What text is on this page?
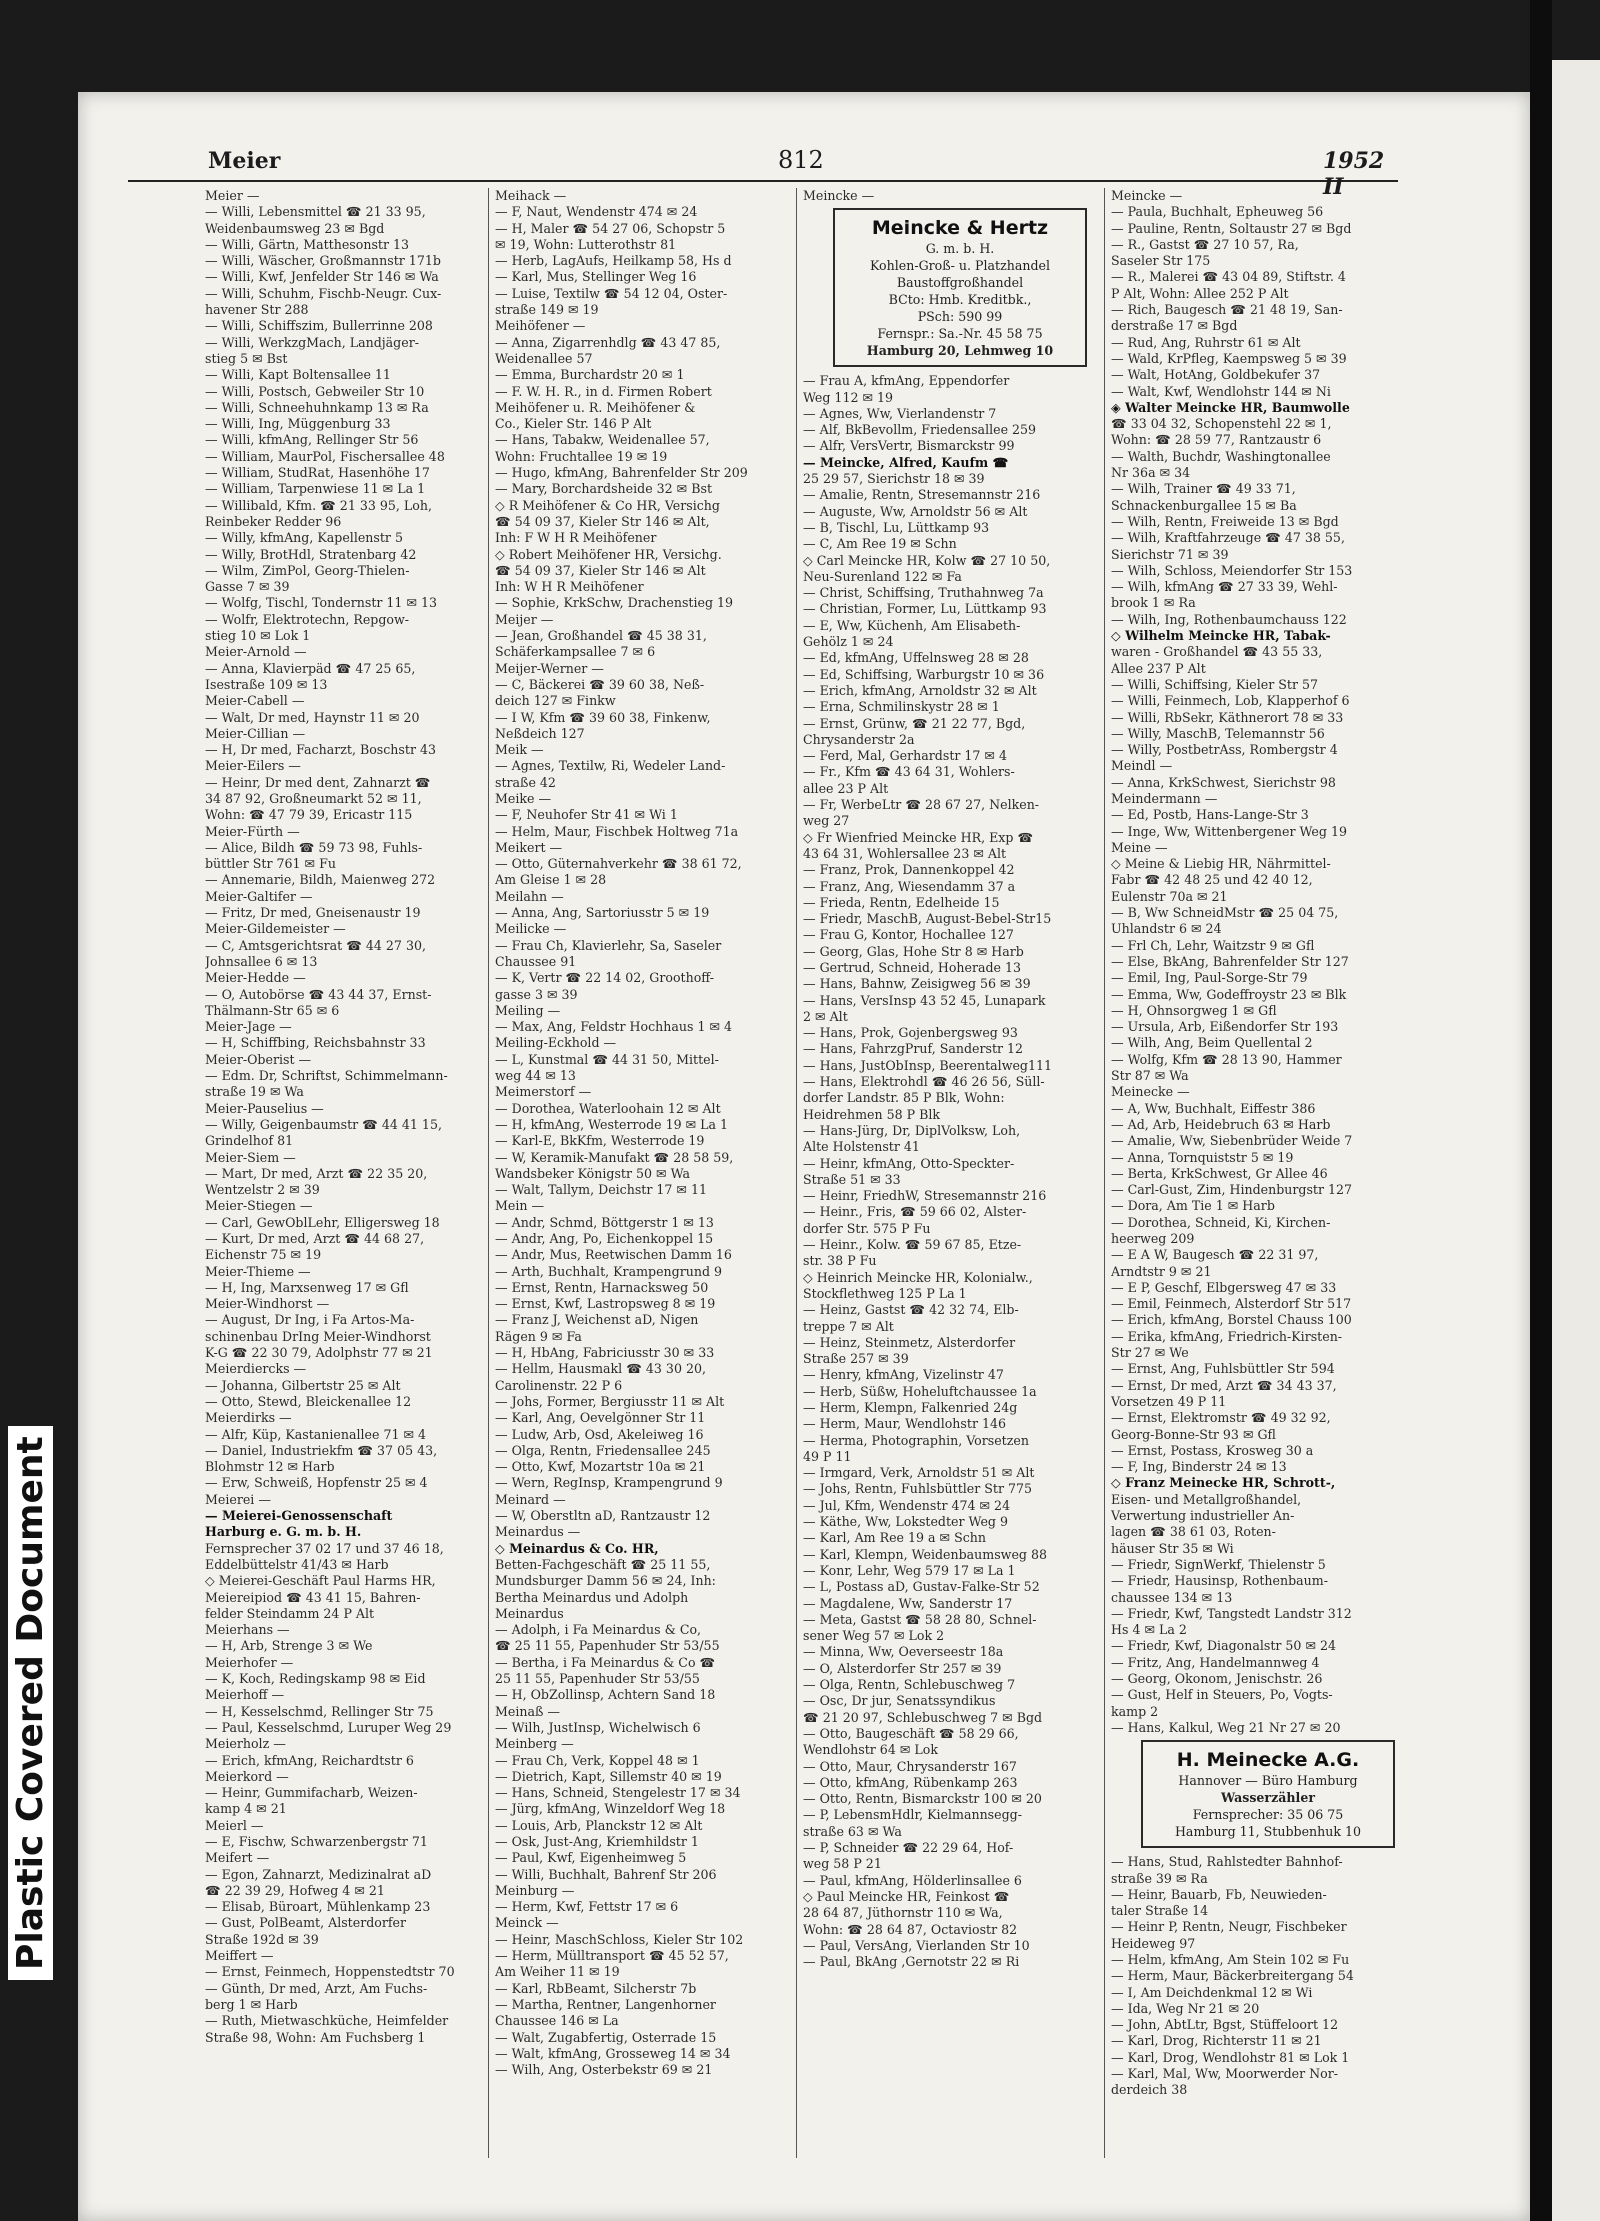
Plastic Covered Document
Meier	812	1952 II
Meier —
— Willi, Lebensmittel ☎ 21 33 95,
Weidenbaumsweg 23 ✉ Bgd
— Willi, Gärtn, Matthesonstr 13
— Willi, Wäscher, Großmannstr 171b
— Willi, Kwf, Jenfelder Str 146 ✉ Wa
— Willi, Schuhm, Fischb-Neugr. Cux-
havener Str 288
— Willi, Schiffszim, Bullerrinne 208
— Willi, WerkzgMach, Landjäger-
stieg 5 ✉ Bst
— Willi, Kapt Boltensallee 11
— Willi, Postsch, Gebweiler Str 10
— Willi, Schneehuhnkamp 13 ✉ Ra
— Willi, Ing, Müggenburg 33
— Willi, kfmAng, Rellinger Str 56
— William, MaurPol, Fischersallee 48
— William, StudRat, Hasenhöhe 17
— William, Tarpenwiese 11 ✉ La 1
— Willibald, Kfm. ☎ 21 33 95, Loh,
Reinbeker Redder 96
— Willy, kfmAng, Kapellenstr 5
— Willy, BrotHdl, Stratenbarg 42
— Wilm, ZimPol, Georg-Thielen-
Gasse 7 ✉ 39
— Wolfg, Tischl, Tondernstr 11 ✉ 13
— Wolfr, Elektrotechn, Repgow-
stieg 10 ✉ Lok 1
Meier-Arnold —
— Anna, Klavierpäd ☎ 47 25 65,
Isestraße 109 ✉ 13
Meier-Cabell —
— Walt, Dr med, Haynstr 11 ✉ 20
Meier-Cillian —
— H, Dr med, Facharzt, Boschstr 43
Meier-Eilers —
— Heinr, Dr med dent, Zahnarzt ☎
34 87 92, Großneumarkt 52 ✉ 11,
Wohn: ☎ 47 79 39, Ericastr 115
Meier-Fürth —
— Alice, Bildh ☎ 59 73 98, Fuhls-
büttler Str 761 ✉ Fu
— Annemarie, Bildh, Maienweg 272
Meier-Galtifer —
— Fritz, Dr med, Gneisenaustr 19
Meier-Gildemeister —
— C, Amtsgerichtsrat ☎ 44 27 30,
Johnsallee 6 ✉ 13
Meier-Hedde —
— O, Autobörse ☎ 43 44 37, Ernst-
Thälmann-Str 65 ✉ 6
Meier-Jage —
— H, Schiffbing, Reichsbahnstr 33
Meier-Oberist —
— Edm. Dr, Schriftst, Schimmelmann-
straße 19 ✉ Wa
Meier-Pauselius —
— Willy, Geigenbaumstr ☎ 44 41 15,
Grindelhof 81
Meier-Siem —
— Mart, Dr med, Arzt ☎ 22 35 20,
Wentzelstr 2 ✉ 39
Meier-Stiegen —
— Carl, GewOblLehr, Elligersweg 18
— Kurt, Dr med, Arzt ☎ 44 68 27,
Eichenstr 75 ✉ 19
Meier-Thieme —
— H, Ing, Marxsenweg 17 ✉ Gfl
Meier-Windhorst —
— August, Dr Ing, i Fa Artos-Ma-
schinenbau DrIng Meier-Windhorst
K-G ☎ 22 30 79, Adolphstr 77 ✉ 21
Meierdiercks —
— Johanna, Gilbertstr 25 ✉ Alt
— Otto, Stewd, Bleickenallee 12
Meierdirks —
— Alfr, Küp, Kastanienallee 71 ✉ 4
— Daniel, Industriekfm ☎ 37 05 43,
Blohmstr 12 ✉ Harb
— Erw, Schweiß, Hopfenstr 25 ✉ 4
Meierei —
— Meierei-Genossenschaft
Harburg e. G. m. b. H.
Fernsprecher 37 02 17 und 37 46 18,
Eddelbüttelstr 41/43 ✉ Harb
◇ Meierei-Geschäft Paul Harms HR,
Meiereipiod ☎ 43 41 15, Bahren-
felder Steindamm 24 P Alt
Meierhans —
— H, Arb, Strenge 3 ✉ We
Meierhofer —
— K, Koch, Redingskamp 98 ✉ Eid
Meierhoff —
— H, Kesselschmd, Rellinger Str 75
— Paul, Kesselschmd, Luruper Weg 29
Meierholz —
— Erich, kfmAng, Reichardtstr 6
Meierkord —
— Heinr, Gummifacharb, Weizen-
kamp 4 ✉ 21
Meierl —
— E, Fischw, Schwarzenbergstr 71
Meifert —
— Egon, Zahnarzt, Medizinalrat aD
☎ 22 39 29, Hofweg 4 ✉ 21
— Elisab, Büroart, Mühlenkamp 23
— Gust, PolBeamt, Alsterdorfer
Straße 192d ✉ 39
Meiffert —
— Ernst, Feinmech, Hoppenstedtstr 70
— Günth, Dr med, Arzt, Am Fuchs-
berg 1 ✉ Harb
— Ruth, Mietwaschküche, Heimfelder
Straße 98, Wohn: Am Fuchsberg 1
Meihack —
— F, Naut, Wendenstr 474 ✉ 24
— H, Maler ☎ 54 27 06, Schopstr 5
✉ 19, Wohn: Lutterothstr 81
— Herb, LagAufs, Heilkamp 58, Hs d
— Karl, Mus, Stellinger Weg 16
— Luise, Textilw ☎ 54 12 04, Oster-
straße 149 ✉ 19
Meihöfener —
— Anna, Zigarrenhdlg ☎ 43 47 85,
Weidenallee 57
— Emma, Burchardstr 20 ✉ 1
— F. W. H. R., in d. Firmen Robert
Meihöfener u. R. Meihöfener &
Co., Kieler Str. 146 P Alt
— Hans, Tabakw, Weidenallee 57,
Wohn: Fruchtallee 19 ✉ 19
— Hugo, kfmAng, Bahrenfelder Str 209
— Mary, Borchardsheide 32 ✉ Bst
◇ R Meihöfener & Co HR, Versichg
☎ 54 09 37, Kieler Str 146 ✉ Alt,
Inh: F W H R Meihöfener
◇ Robert Meihöfener HR, Versichg.
☎ 54 09 37, Kieler Str 146 ✉ Alt
Inh: W H R Meihöfener
— Sophie, KrkSchw, Drachenstieg 19
Meijer —
— Jean, Großhandel ☎ 45 38 31,
Schäferkampsallee 7 ✉ 6
Meijer-Werner —
— C, Bäckerei ☎ 39 60 38, Neß-
deich 127 ✉ Finkw
— I W, Kfm ☎ 39 60 38, Finkenw,
Neßdeich 127
Meik —
— Agnes, Textilw, Ri, Wedeler Land-
straße 42
Meike —
— F, Neuhofer Str 41 ✉ Wi 1
— Helm, Maur, Fischbek Holtweg 71a
Meikert —
— Otto, Güternahverkehr ☎ 38 61 72,
Am Gleise 1 ✉ 28
Meilahn —
— Anna, Ang, Sartoriusstr 5 ✉ 19
Meilicke —
— Frau Ch, Klavierlehr, Sa, Saseler
Chaussee 91
— K, Vertr ☎ 22 14 02, Groothoff-
gasse 3 ✉ 39
Meiling —
— Max, Ang, Feldstr Hochhaus 1 ✉ 4
Meiling-Eckhold —
— L, Kunstmal ☎ 44 31 50, Mittel-
weg 44 ✉ 13
Meimerstorf —
— Dorothea, Waterloohain 12 ✉ Alt
— H, kfmAng, Westerrode 19 ✉ La 1
— Karl-E, BkKfm, Westerrode 19
— W, Keramik-Manufakt ☎ 28 58 59,
Wandsbeker Königstr 50 ✉ Wa
— Walt, Tallym, Deichstr 17 ✉ 11
Mein —
— Andr, Schmd, Böttgerstr 1 ✉ 13
— Andr, Ang, Po, Eichenkoppel 15
— Andr, Mus, Reetwischen Damm 16
— Arth, Buchhalt, Krampengrund 9
— Ernst, Rentn, Harnacksweg 50
— Ernst, Kwf, Lastropsweg 8 ✉ 19
— Franz J, Weichenst aD, Nigen
Rägen 9 ✉ Fa
— H, HbAng, Fabriciusstr 30 ✉ 33
— Hellm, Hausmakl ☎ 43 30 20,
Carolinenstr. 22 P 6
— Johs, Former, Bergiusstr 11 ✉ Alt
— Karl, Ang, Oevelgönner Str 11
— Ludw, Arb, Osd, Akeleiweg 16
— Olga, Rentn, Friedensallee 245
— Otto, Kwf, Mozartstr 10a ✉ 21
— Wern, RegInsp, Krampengrund 9
Meinard —
— W, Oberstltn aD, Rantzaustr 12
Meinardus —
◇ Meinardus & Co. HR,
Betten-Fachgeschäft ☎ 25 11 55,
Mundsburger Damm 56 ✉ 24, Inh:
Bertha Meinardus und Adolph
Meinardus
— Adolph, i Fa Meinardus & Co,
☎ 25 11 55, Papenhuder Str 53/55
— Bertha, i Fa Meinardus & Co ☎
25 11 55, Papenhuder Str 53/55
— H, ObZollinsp, Achtern Sand 18
Meinaß —
— Wilh, JustInsp, Wichelwisch 6
Meinberg —
— Frau Ch, Verk, Koppel 48 ✉ 1
— Dietrich, Kapt, Sillemstr 40 ✉ 19
— Hans, Schneid, Stengelestr 17 ✉ 34
— Jürg, kfmAng, Winzeldorf Weg 18
— Louis, Arb, Planckstr 12 ✉ Alt
— Osk, Just-Ang, Kriemhildstr 1
— Paul, Kwf, Eigenheimweg 5
— Willi, Buchhalt, Bahrenf Str 206
Meinburg —
— Herm, Kwf, Fettstr 17 ✉ 6
Meinck —
— Heinr, MaschSchloss, Kieler Str 102
— Herm, Mülltransport ☎ 45 52 57,
Am Weiher 11 ✉ 19
— Karl, RbBeamt, Silcherstr 7b
— Martha, Rentner, Langenhorner
Chaussee 146 ✉ La
— Walt, Zugabfertig, Osterrade 15
— Walt, kfmAng, Grosseweg 14 ✉ 34
— Wilh, Ang, Osterbekstr 69 ✉ 21
Meincke —
Meincke & Hertz
G. m. b. H.
Kohlen-Groß- u. Platzhandel
Baustoffgroßhandel
BCto: Hmb. Kreditbk.,
PSch: 590 99
Fernspr.: Sa.-Nr. 45 58 75
Hamburg 20, Lehmweg 10
— Frau A, kfmAng, Eppendorfer
Weg 112 ✉ 19
— Agnes, Ww, Vierlandenstr 7
— Alf, BkBevollm, Friedensallee 259
— Alfr, VersVertr, Bismarckstr 99
— Meincke, Alfred, Kaufm ☎
25 29 57, Sierichstr 18 ✉ 39
— Amalie, Rentn, Stresemannstr 216
— Auguste, Ww, Arnoldstr 56 ✉ Alt
— B, Tischl, Lu, Lüttkamp 93
— C, Am Ree 19 ✉ Schn
◇ Carl Meincke HR, Kolw ☎ 27 10 50,
Neu-Surenland 122 ✉ Fa
— Christ, Schiffsing, Truthahnweg 7a
— Christian, Former, Lu, Lüttkamp 93
— E, Ww, Küchenh, Am Elisabeth-
Gehölz 1 ✉ 24
— Ed, kfmAng, Uffelnsweg 28 ✉ 28
— Ed, Schiffsing, Warburgstr 10 ✉ 36
— Erich, kfmAng, Arnoldstr 32 ✉ Alt
— Erna, Schmilinskystr 28 ✉ 1
— Ernst, Grünw, ☎ 21 22 77, Bgd,
Chrysanderstr 2a
— Ferd, Mal, Gerhardstr 17 ✉ 4
— Fr., Kfm ☎ 43 64 31, Wohlers-
allee 23 P Alt
— Fr, WerbeLtr ☎ 28 67 27, Nelken-
weg 27
◇ Fr Wienfried Meincke HR, Exp ☎
43 64 31, Wohlersallee 23 ✉ Alt
— Franz, Prok, Dannenkoppel 42
— Franz, Ang, Wiesendamm 37 a
— Frieda, Rentn, Edelheide 15
— Friedr, MaschB, August-Bebel-Str15
— Frau G, Kontor, Hochallee 127
— Georg, Glas, Hohe Str 8 ✉ Harb
— Gertrud, Schneid, Hoherade 13
— Hans, Bahnw, Zeisigweg 56 ✉ 39
— Hans, VersInsp 43 52 45, Lunapark
2 ✉ Alt
— Hans, Prok, Gojenbergsweg 93
— Hans, FahrzgPruf, Sanderstr 12
— Hans, JustObInsp, Beerentalweg111
— Hans, Elektrohdl ☎ 46 26 56, Süll-
dorfer Landstr. 85 P Blk, Wohn:
Heidrehmen 58 P Blk
— Hans-Jürg, Dr, DiplVolksw, Loh,
Alte Holstenstr 41
— Heinr, kfmAng, Otto-Speckter-
Straße 51 ✉ 33
— Heinr, FriedhW, Stresemannstr 216
— Heinr., Fris, ☎ 59 66 02, Alster-
dorfer Str. 575 P Fu
— Heinr., Kolw. ☎ 59 67 85, Etze-
str. 38 P Fu
◇ Heinrich Meincke HR, Kolonialw.,
Stockflethweg 125 P La 1
— Heinz, Gastst ☎ 42 32 74, Elb-
treppe 7 ✉ Alt
— Heinz, Steinmetz, Alsterdorfer
Straße 257 ✉ 39
— Henry, kfmAng, Vizelinstr 47
— Herb, Süßw, Hoheluftchaussee 1a
— Herm, Klempn, Falkenried 24g
— Herm, Maur, Wendlohstr 146
— Herma, Photographin, Vorsetzen
49 P 11
— Irmgard, Verk, Arnoldstr 51 ✉ Alt
— Johs, Rentn, Fuhlsbüttler Str 775
— Jul, Kfm, Wendenstr 474 ✉ 24
— Käthe, Ww, Lokstedter Weg 9
— Karl, Am Ree 19 a ✉ Schn
— Karl, Klempn, Weidenbaumsweg 88
— Konr, Lehr, Weg 579 17 ✉ La 1
— L, Postass aD, Gustav-Falke-Str 52
— Magdalene, Ww, Sanderstr 17
— Meta, Gastst ☎ 58 28 80, Schnel-
sener Weg 57 ✉ Lok 2
— Minna, Ww, Oeverseestr 18a
— O, Alsterdorfer Str 257 ✉ 39
— Olga, Rentn, Schlebuschweg 7
— Osc, Dr jur, Senatssyndikus
☎ 21 20 97, Schlebuschweg 7 ✉ Bgd
— Otto, Baugeschäft ☎ 58 29 66,
Wendlohstr 64 ✉ Lok
— Otto, Maur, Chrysanderstr 167
— Otto, kfmAng, Rübenkamp 263
— Otto, Rentn, Bismarckstr 100 ✉ 20
— P, LebensmHdlr, Kielmannsegg-
straße 63 ✉ Wa
— P, Schneider ☎ 22 29 64, Hof-
weg 58 P 21
— Paul, kfmAng, Hölderlinsallee 6
◇ Paul Meincke HR, Feinkost ☎
28 64 87, Jüthornstr 110 ✉ Wa,
Wohn: ☎ 28 64 87, Octaviostr 82
— Paul, VersAng, Vierlanden Str 10
— Paul, BkAng ,Gernotstr 22 ✉ Ri
Meincke —
— Paula, Buchhalt, Epheuweg 56
— Pauline, Rentn, Soltaustr 27 ✉ Bgd
— R., Gastst ☎ 27 10 57, Ra,
Saseler Str 175
— R., Malerei ☎ 43 04 89, Stiftstr. 4
P Alt, Wohn: Allee 252 P Alt
— Rich, Baugesch ☎ 21 48 19, San-
derstraße 17 ✉ Bgd
— Rud, Ang, Ruhrstr 61 ✉ Alt
— Wald, KrPfleg, Kaempsweg 5 ✉ 39
— Walt, HotAng, Goldbekufer 37
— Walt, Kwf, Wendlohstr 144 ✉ Ni
◈ Walter Meincke HR, Baumwolle
☎ 33 04 32, Schopenstehl 22 ✉ 1,
Wohn: ☎ 28 59 77, Rantzaustr 6
— Walth, Buchdr, Washingtonallee
Nr 36a ✉ 34
— Wilh, Trainer ☎ 49 33 71,
Schnackenburgallee 15 ✉ Ba
— Wilh, Rentn, Freiweide 13 ✉ Bgd
— Wilh, Kraftfahrzeuge ☎ 47 38 55,
Sierichstr 71 ✉ 39
— Wilh, Schloss, Meiendorfer Str 153
— Wilh, kfmAng ☎ 27 33 39, Wehl-
brook 1 ✉ Ra
— Wilh, Ing, Rothenbaumchauss 122
◇ Wilhelm Meincke HR, Tabak-
waren - Großhandel ☎ 43 55 33,
Allee 237 P Alt
— Willi, Schiffsing, Kieler Str 57
— Willi, Feinmech, Lob, Klapperhof 6
— Willi, RbSekr, Käthnerort 78 ✉ 33
— Willy, MaschB, Telemannstr 56
— Willy, PostbetrAss, Rombergstr 4
Meindl —
— Anna, KrkSchwest, Sierichstr 98
Meindermann —
— Ed, Postb, Hans-Lange-Str 3
— Inge, Ww, Wittenbergener Weg 19
Meine —
◇ Meine & Liebig HR, Nährmittel-
Fabr ☎ 42 48 25 und 42 40 12,
Eulenstr 70a ✉ 21
— B, Ww SchneidMstr ☎ 25 04 75,
Uhlandstr 6 ✉ 24
— Frl Ch, Lehr, Waitzstr 9 ✉ Gfl
— Else, BkAng, Bahrenfelder Str 127
— Emil, Ing, Paul-Sorge-Str 79
— Emma, Ww, Godeffroystr 23 ✉ Blk
— H, Ohnsorgweg 1 ✉ Gfl
— Ursula, Arb, Eißendorfer Str 193
— Wilh, Ang, Beim Quellental 2
— Wolfg, Kfm ☎ 28 13 90, Hammer
Str 87 ✉ Wa
Meinecke —
— A, Ww, Buchhalt, Eiffestr 386
— Ad, Arb, Heidebruch 63 ✉ Harb
— Amalie, Ww, Siebenbrüder Weide 7
— Anna, Tornquiststr 5 ✉ 19
— Berta, KrkSchwest, Gr Allee 46
— Carl-Gust, Zim, Hindenburgstr 127
— Dora, Am Tie 1 ✉ Harb
— Dorothea, Schneid, Ki, Kirchen-
heerweg 209
— E A W, Baugesch ☎ 22 31 97,
Arndtstr 9 ✉ 21
— E P, Geschf, Elbgersweg 47 ✉ 33
— Emil, Feinmech, Alsterdorf Str 517
— Erich, kfmAng, Borstel Chauss 100
— Erika, kfmAng, Friedrich-Kirsten-
Str 27 ✉ We
— Ernst, Ang, Fuhlsbüttler Str 594
— Ernst, Dr med, Arzt ☎ 34 43 37,
Vorsetzen 49 P 11
— Ernst, Elektromstr ☎ 49 32 92,
Georg-Bonne-Str 93 ✉ Gfl
— Ernst, Postass, Krosweg 30 a
— F, Ing, Binderstr 24 ✉ 13
◇ Franz Meinecke HR, Schrott-,
Eisen- und Metallgroßhandel,
Verwertung industrieller An-
lagen ☎ 38 61 03, Roten-
häuser Str 35 ✉ Wi
— Friedr, SignWerkf, Thielenstr 5
— Friedr, Hausinsp, Rothenbaum-
chaussee 134 ✉ 13
— Friedr, Kwf, Tangstedt Landstr 312
Hs 4 ✉ La 2
— Friedr, Kwf, Diagonalstr 50 ✉ 24
— Fritz, Ang, Handelmannweg 4
— Georg, Okonom, Jenischstr. 26
— Gust, Helf in Steuers, Po, Vogts-
kamp 2
— Hans, Kalkul, Weg 21 Nr 27 ✉ 20
H. Meinecke A.G.
Hannover — Büro Hamburg
Wasserzähler
Fernsprecher: 35 06 75
Hamburg 11, Stubbenhuk 10
— Hans, Stud, Rahlstedter Bahnhof-
straße 39 ✉ Ra
— Heinr, Bauarb, Fb, Neuwieden-
taler Straße 14
— Heinr P, Rentn, Neugr, Fischbeker
Heideweg 97
— Helm, kfmAng, Am Stein 102 ✉ Fu
— Herm, Maur, Bäckerbreitergang 54
— I, Am Deichdenkmal 12 ✉ Wi
— Ida, Weg Nr 21 ✉ 20
— John, AbtLtr, Bgst, Stüffeloort 12
— Karl, Drog, Richterstr 11 ✉ 21
— Karl, Drog, Wendlohstr 81 ✉ Lok 1
— Karl, Mal, Ww, Moorwerder Nor-
derdeich 38
